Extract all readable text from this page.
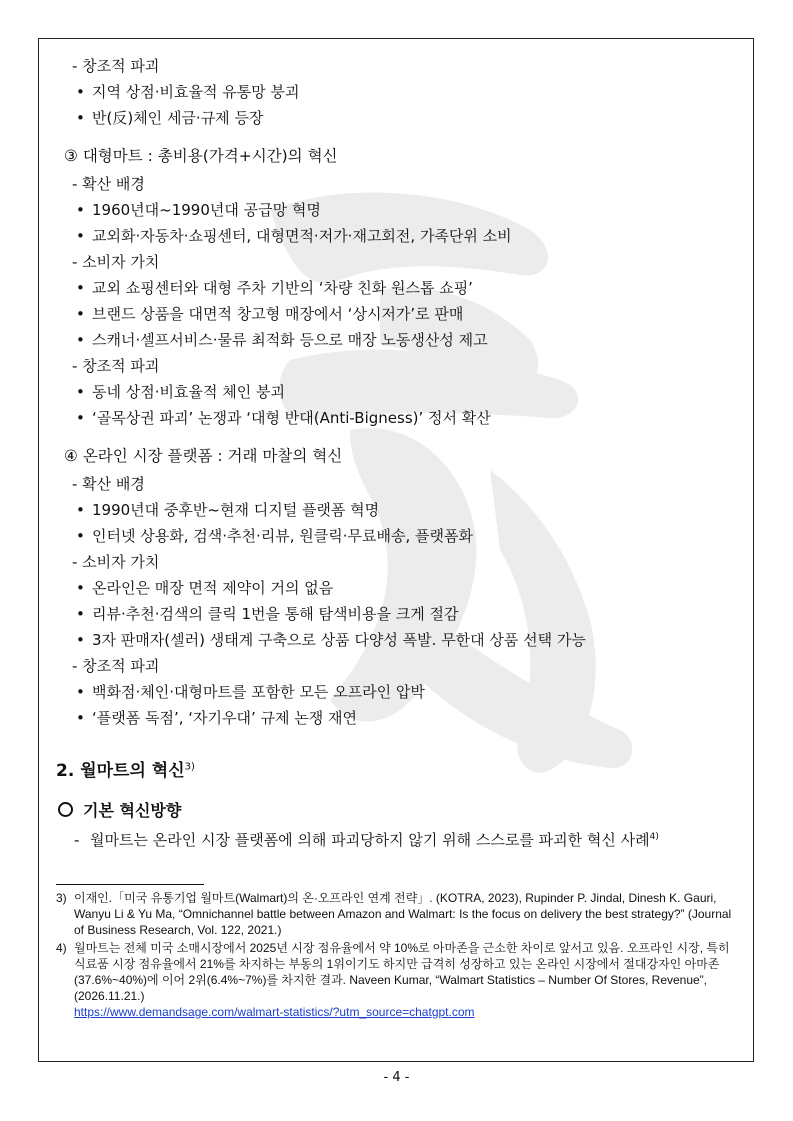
- 창조적 파괴
• 지역 상점·비효율적 유통망 붕괴
• 반(反)체인 세금·규제 등장
③ 대형마트 : 총비용(가격+시간)의 혁신
- 확산 배경
• 1960년대~1990년대 공급망 혁명
• 교외화·자동차·쇼핑센터, 대형면적·저가·재고회전, 가족단위 소비
- 소비자 가치
• 교외 쇼핑센터와 대형 주차 기반의 ‘차량 친화 원스톱 쇼핑’
• 브랜드 상품을 대면적 창고형 매장에서 ‘상시저가’로 판매
• 스캐너·셀프서비스·물류 최적화 등으로 매장 노동생산성 제고
- 창조적 파괴
• 동네 상점·비효율적 체인 붕괴
• ‘골목상권 파괴’ 논쟁과 ‘대형 반대(Anti-Bigness)’ 정서 확산
④ 온라인 시장 플랫폼 : 거래 마찰의 혁신
- 확산 배경
• 1990년대 중후반~현재 디지털 플랫폼 혁명
• 인터넷 상용화, 검색·추천·리뷰, 원클릭·무료배송, 플랫폼화
- 소비자 가치
• 온라인은 매장 면적 제약이 거의 없음
• 리뷰·추천·검색의 클릭 1번을 통해 탐색비용을 크게 절감
• 3자 판매자(셀러) 생태계 구축으로 상품 다양성 폭발. 무한대 상품 선택 가능
- 창조적 파괴
• 백화점·체인·대형마트를 포함한 모든 오프라인 압박
• ‘플랫폼 독점’, ‘자기우대’ 규제 논쟁 재연
2. 월마트의 혁신$^{3)}$
기본 혁신방향
- 월마트는 온라인 시장 플랫폼에 의해 파괴당하지 않기 위해 스스로를 파괴한 혁신 사례$^{4)}$
3) 이재인.「미국 유통기업 월마트(Walmart)의 온·오프라인 연계 전략」. (KOTRA, 2023), Rupinder P. Jindal, Dinesh K. Gauri, Wanyu Li & Yu Ma, “Omnichannel battle between Amazon and Walmart: Is the focus on delivery the best strategy?” (Journal of Business Research, Vol. 122, 2021.)
4) 월마트는 전체 미국 소매시장에서 2025년 시장 점유율에서 약 10%로 아마존을 근소한 차이로 앞서고 있음. 오프라인 시장, 특히 식료품 시장 점유율에서 21%를 차지하는 부동의 1위이기도 하지만 급격히 성장하고 있는 온라인 시장에서 절대강자인 아마존(37.6%~40%)에 이어 2위(6.4%~7%)를 차지한 결과. Naveen Kumar, “Walmart Statistics – Number Of Stores, Revenue”, (2026.11.21.)
https://www.demandsage.com/walmart-statistics/?utm_source=chatgpt.com
- 4 -
